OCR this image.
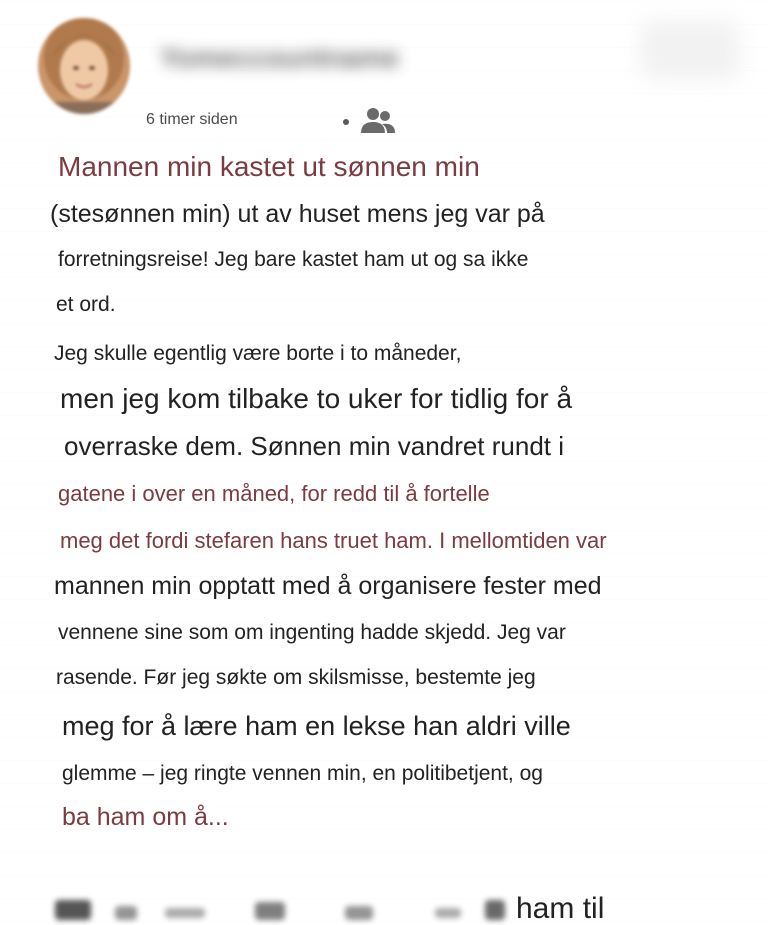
Yomeccountname
6 timer siden
Mannen min kastet ut sønnen min
(stesønnen min) ut av huset mens jeg var på
forretningsreise! Jeg bare kastet ham ut og sa ikke
et ord.
Jeg skulle egentlig være borte i to måneder,
men jeg kom tilbake to uker for tidlig for å
overraske dem. Sønnen min vandret rundt i
gatene i over en måned, for redd til å fortelle
meg det fordi stefaren hans truet ham. I mellomtiden var
mannen min opptatt med å organisere fester med
vennene sine som om ingenting hadde skjedd. Jeg var
rasende. Før jeg søkte om skilsmisse, bestemte jeg
meg for å lære ham en lekse han aldri ville
glemme – jeg ringte vennen min, en politibetjent, og
ba ham om å...
ham til
